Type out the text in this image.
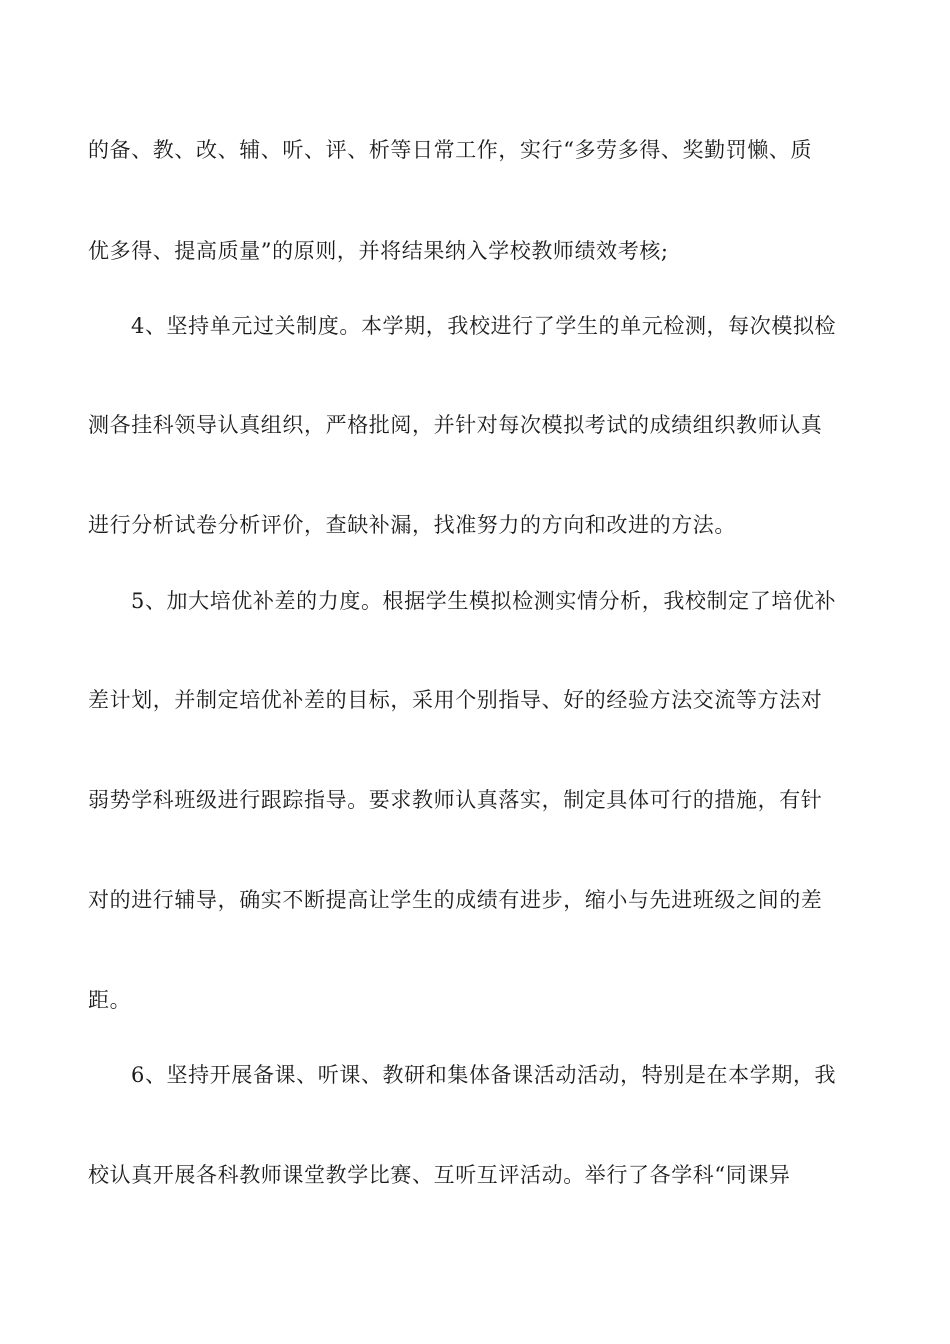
的备、教、改、辅、听、评、析等日常工作，实行“多劳多得、奖勤罚懒、质
优多得、提高质量”的原则，并将结果纳入学校教师绩效考核;
4、坚持单元过关制度。本学期，我校进行了学生的单元检测，每次模拟检
测各挂科领导认真组织，严格批阅，并针对每次模拟考试的成绩组织教师认真
进行分析试卷分析评价，查缺补漏，找准努力的方向和改进的方法。
5、加大培优补差的力度。根据学生模拟检测实情分析，我校制定了培优补
差计划，并制定培优补差的目标，采用个别指导、好的经验方法交流等方法对
弱势学科班级进行跟踪指导。要求教师认真落实，制定具体可行的措施，有针
对的进行辅导，确实不断提高让学生的成绩有进步，缩小与先进班级之间的差
距。
6、坚持开展备课、听课、教研和集体备课活动活动，特别是在本学期，我
校认真开展各科教师课堂教学比赛、互听互评活动。举行了各学科“同课异
